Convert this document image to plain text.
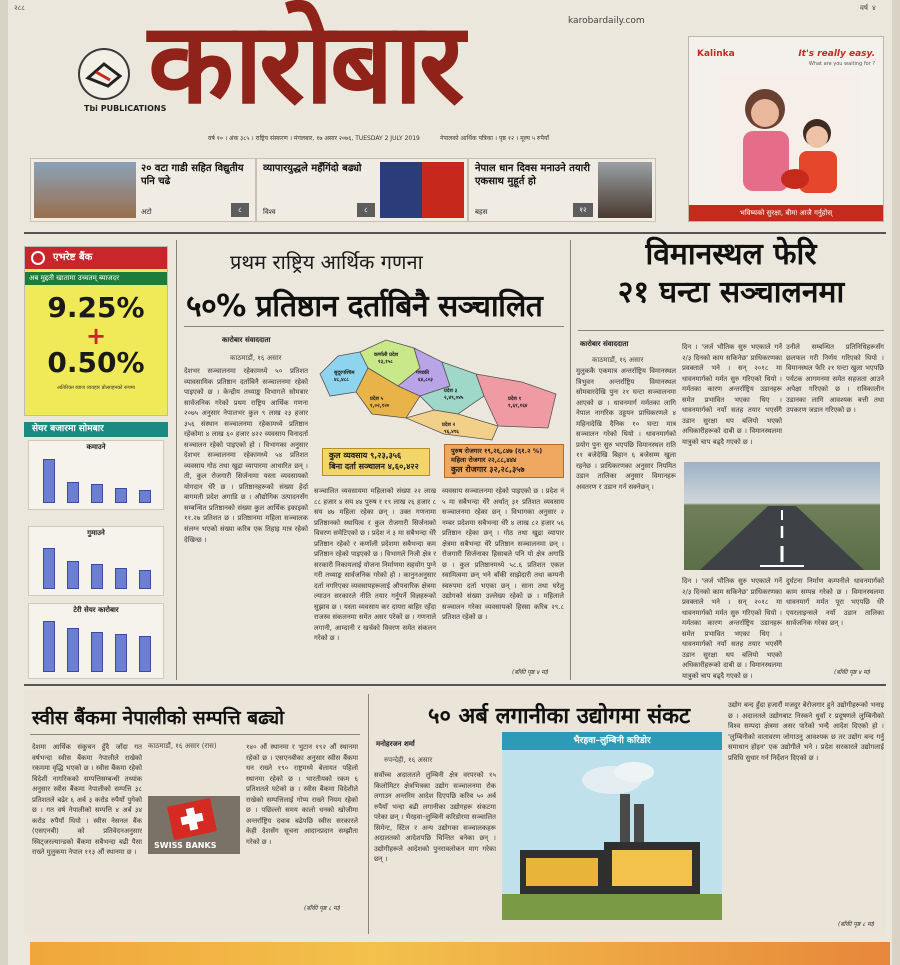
२८८	वर्ष ४
Tbi PUBLICATIONS
कारोबार	karobardaily.com
वर्ष १० । अंक ३८५ । राष्ट्रिय संस्करण । मंगलबार, १७ असार २०७६, TUESDAY 2 JULY 2019	नेपालको आर्थिक पत्रिका । पृष्ठ १२ । मूल्य ५ रुपैयाँ
Kalinka	It's really easy.
What are you waiting for ?
भविष्यको सुरक्षा, बीमा आजै गर्नुहोस्
२० वटा गाडी सहित विद्युतीय पनि चढे
अटो	८
व्यापारयुद्धले महँगिंदो बढ्यो
विश्व	८
नेपाल धान दिवस मनाउने तयारी एकसाथ मुहूर्त हो
बहस	१२
एभरेष्ट बैंक
अब मुद्दती खातामा उच्चतम् ब्याजदर
9.25%
+
0.50%
अतिरिक्त ब्याज व्यवहार प्रोत्साहनको रूपमा
सेयर बजारमा सोमबार
कमाउने
गुमाउने
टेरी सेयर कारोबार
प्रथम राष्ट्रिय आर्थिक गणना
५०% प्रतिष्ठान दर्ताबिनै सञ्चालित
कारोबार संवाददाता
काठमाडौं, १६ असार
देशभर सञ्चालनमा रहेकामध्ये ५० प्रतिशत व्यावसायिक प्रतिष्ठान दर्ताबिनै सञ्चालनमा रहेको पाइएको छ । केन्द्रीय तथ्याङ्क विभागले सोमबार सार्वजनिक गरेको प्रथम राष्ट्रिय आर्थिक गणना २०७५ अनुसार नेपालभर कुल ९ लाख २३ हजार ३५६ संस्थान सञ्चालनमा रहेकामध्ये प्रतिष्ठान रहेकोमा ४ लाख ६० हजार ४२२ व्यवसाय विनादर्ता सञ्चालन रहेको पाइएको हो । विभागका अनुसार देशभर सञ्चालनमा रहेकामध्ये ५४ प्रतिशत व्यवसाय गोठ तथा खुद्रा व्यापारमा आधारित छन् । ती, कुल रोजगारी सिर्जनामा यस्ता व्यवसायको योगदान धेरै छ । प्रतिष्ठानहरूको संख्या हेर्दा बागमती प्रदेश अगाडि छ । औद्योगिक उत्पादनसँग सम्बन्धित प्रतिष्ठानको संख्या कुल आर्थिक इकाइको ११.२७ प्रतिशत छ । प्रतिष्ठानमा महिला सञ्चालक संलग्न भएको संख्या करिब एक तिहाइ मात्र रहेको देखिन्छ ।
सुदूरपश्चिम
४८,४८८
कर्णाली प्रदेश
१३,१५८
प्रदेश ५
१,०२,१२०
गण्डकी
६४,८०३
प्रदेश ३
२,४९,०४५
प्रदेश २
९६,४१६
प्रदेश १
१,६१,१६४
कुल व्यवसाय ९,२३,३५६
बिना दर्ता सञ्चालन ४,६०,४२२
पुरुष रोजगार १९,२६,८४७ (६१.२ %)
महिला रोजगार २२,८८,४४४
कुल रोजगार ३२,२८,३५७
सञ्चालित व्यवसायमा महिलाको संख्या २२ लाख ८८ हजार ४ सय ४४ पुरुष र १९ लाख २६ हजार ८ सय ४७ महिला रहेका छन् । उक्त गणनामा प्रतिष्ठानको स्थायित्व र कुल रोजगारी सिर्जनाको विवरण समेटिएको छ । प्रदेश नं ३ मा सबैभन्दा धेरै प्रतिष्ठान रहेको र कर्णाली प्रदेशमा सबैभन्दा कम प्रतिष्ठान रहेको पाइएको छ । विभागले निजी क्षेत्र र सरकारी निकायलाई योजना निर्माणमा सहयोग पुग्ने गरी तथ्याङ्क सार्वजनिक गरेको हो । कानुनअनुसार दर्ता नगरिएका व्यवसायहरूलाई औपचारिक क्षेत्रमा ल्याउन सरकारले नीति तयार गर्नुपर्ने विज्ञहरूको सुझाव छ । यस्ता व्यवसाय कर दायरा बाहिर रहँदा राजस्व संकलनमा समेत असर परेको छ । गणनाले लगानी, आम्दानी र खर्चको विवरण समेत संकलन गरेको छ ।
व्यवसाय सञ्चालनमा रहेको पाइएको छ । प्रदेश नं ५ मा सबैभन्दा धेरै अर्थात् ३१ प्रतिशत व्यवसाय सञ्चालनमा रहेका छन् । विभागका अनुसार २ नम्बर प्रदेशमा सबैभन्दा धेरै ४ लाख ८२ हजार ५६ प्रतिष्ठान रहेका छन् । गोठ तथा खुद्रा व्यापार क्षेत्रमा सबैभन्दा धेरै प्रतिष्ठान सञ्चालनमा छन् । रोजगारी सिर्जनाका हिसाबले पनि यो क्षेत्र अगाडि छ । कुल प्रतिष्ठानमध्ये ५८.६ प्रतिशत एकल स्वामित्वमा छन् भने बाँकी साझेदारी तथा कम्पनी स्वरुपमा दर्ता भएका छन् । साना तथा घरेलु उद्योगको संख्या उल्लेख्य रहेको छ । महिलाले सञ्चालन गरेका व्यवसायको हिस्सा करिब २९.८ प्रतिशत रहेको छ ।
(बाँकी पृष्ठ ४ मा)
विमानस्थल फेरि
२१ घन्टा सञ्चालनमा
कारोबार संवाददाता
काठमाडौं, १६ असार
मुलुककै एकमात्र अन्तर्राष्ट्रिय विमानस्थल त्रिभुवन अन्तर्राष्ट्रिय विमानस्थल सोमबारदेखि पुनः २१ घन्टा सञ्चालनमा आएको छ । धावनमार्ग मर्मतका लागि नेपाल नागरिक उड्डयन प्राधिकरणले ४ महिनादेखि दैनिक १० घन्टा मात्र सञ्चालन गरेको थियो । धावनमार्गको प्रयोग पुनः सुरु भएपछि विमानस्थल राति ११ बजेदेखि बिहान ६ बजेसम्म खुला रहनेछ । प्राधिकरणका अनुसार नियमित उडान तालिका अनुसार विमानहरू अवतरण र उडान गर्न सक्नेछन् ।
दिन । 'जर्ज भौतिक सुरु भएकाले गर्ने २/३ दिनको काम सकिनेछ' प्राधिकरणका प्रवक्ताले भने । सन् २०१८ मा धावनमार्गको मर्मत सुरु गरिएको थियो । मर्मतका कारण अन्तर्राष्ट्रिय उडानहरू समेत प्रभावित भएका थिए । धावनमार्गको नयाँ सतह तयार भएसँगै उडान सुरक्षा थप बलियो भएको अधिकारीहरूको दाबी छ । विमानस्थलमा यात्रुको चाप बढ्दै गएको छ ।
उनीले सम्बन्धित प्रतिनिधिहरूसँग छलफल गरी निर्णय गरिएको थियो । विमानस्थल फेरि २१ घन्टा खुला भएपछि पर्यटक आगमनमा समेत सहजता आउने अपेक्षा गरिएको छ । रात्रिकालीन उडानका लागि आवश्यक बत्ती तथा उपकरण जडान गरिएको छ ।
दिन । 'जर्ज भौतिक सुरु भएकाले गर्ने २/३ दिनको काम सकिनेछ' प्राधिकरणका प्रवक्ताले भने । सन् २०१८ मा धावनमार्गको मर्मत सुरु गरिएको थियो । मर्मतका कारण अन्तर्राष्ट्रिय उडानहरू समेत प्रभावित भएका थिए । धावनमार्गको नयाँ सतह तयार भएसँगै उडान सुरक्षा थप बलियो भएको अधिकारीहरूको दाबी छ । विमानस्थलमा यात्रुको चाप बढ्दै गएको छ ।
दुर्घटना निर्माण कम्पनीले धावनमार्गको काम सम्पन्न गरेको छ । विमानस्थलमा धावनमार्ग मर्मत पूरा भएपछि धेरै एयरलाइन्सले नयाँ उडान तालिका सार्वजनिक गरेका छन् ।
(बाँकी पृष्ठ ४ मा)
स्वीस बैंकमा नेपालीको सम्पत्ति बढ्यो
देशमा आर्थिक संकुचन हुँदै जाँदा गत वर्षभन्दा स्वीस बैंकमा नेपालीले राखेको रकममा वृद्धि भएको छ । स्वीस बैंकमा रहेको विदेशी नागरिकको सम्पत्तिसम्बन्धी तथ्यांक अनुसार स्वीस बैंकमा नेपालीको सम्पत्ति ३८ प्रतिशतले बढेर ६ अर्ब ३ करोड रुपैयाँ पुगेको छ । गत वर्ष नेपालीको सम्पत्ति ४ अर्ब ३४ करोड रुपैयाँ थियो । स्वीस नेसनल बैंक (एसएनबी) को प्रतिवेदनअनुसार स्विट्जरल्यान्डको बैंकमा सबैभन्दा बढी पैसा राख्ने मुलुकमा नेपाल ११३ औं स्थानमा छ ।
काठमाडौं, १६ असार (रास)
SWISS BANKS
१४० औं स्थानमा र भुटान १९२ औं स्थानमा रहेको छ । एसएनबीका अनुसार स्वीस बैंकमा धन राख्ने १९० राष्ट्रमध्ये बेलायत पहिलो स्थानमा रहेको छ । भारतीयको रकम ६ प्रतिशतले घटेको छ । स्वीस बैंकमा विदेशीले राखेको सम्पत्तिलाई गोप्य राख्ने नियम रहेको छ । पछिल्लो समय कालो धनको खोजीमा अन्तर्राष्ट्रिय दबाब बढेपछि स्वीस सरकारले केही देशसँग सूचना आदानप्रदान सम्झौता गरेको छ ।
(बाँकी पृष्ठ ८ मा)
५० अर्ब लगानीका उद्योगमा संकट
मनोहरजन शर्मा
रुपन्देही, १६ असार
सर्वोच्च अदालतले लुम्बिनी क्षेत्र वरपरको १५ किलोमिटर क्षेत्रभित्रका उद्योग सञ्चालनमा रोक लगाउन अन्तरिम आदेश दिएपछि करिब ५० अर्ब रुपैयाँ भन्दा बढी लगानीका उद्योगहरू संकटमा परेका छन् । भैरहवा–लुम्बिनी करिडोरमा सञ्चालित सिमेन्ट, स्टिल र अन्य उद्योगका सञ्चालकहरू अदालतको आदेशपछि चिन्तित बनेका छन् । उद्योगीहरूले आदेशको पुनरावलोकन माग गरेका छन् ।
भैरहवा–लुम्बिनी करिडोर
उद्योग बन्द हुँदा हजारौं मजदुर बेरोजगार हुने उद्योगीहरूको भनाइ छ । अदालतले उद्योगबाट निस्कने धुवाँ र प्रदूषणले लुम्बिनीको विश्व सम्पदा क्षेत्रमा असर पारेको भन्दै आदेश दिएको हो । 'लुम्बिनीको वातावरण जोगाउनु आवश्यक छ तर उद्योग बन्द गर्नु समाधान होइन' एक उद्योगीले भने । प्रदेश सरकारले उद्योगलाई प्रविधि सुधार गर्न निर्देशन दिएको छ ।
(बाँकी पृष्ठ ८ मा)
